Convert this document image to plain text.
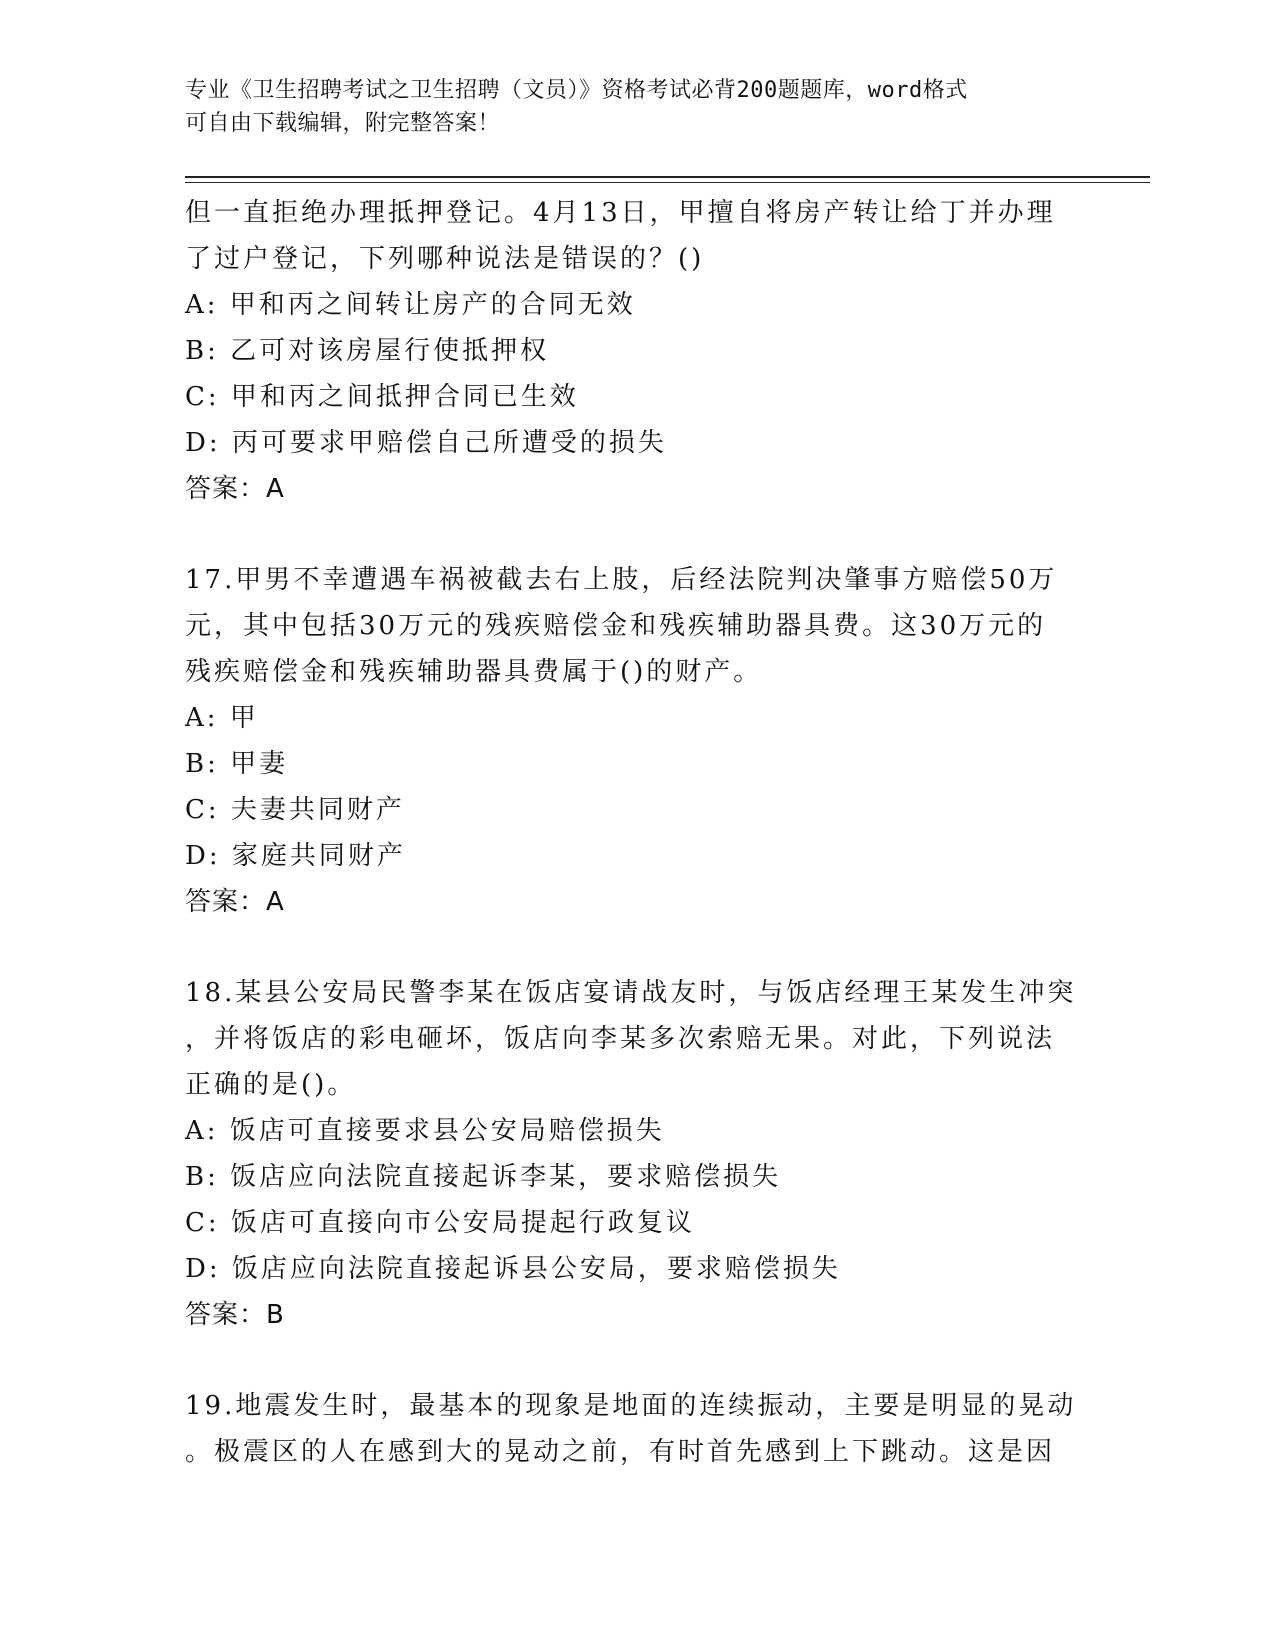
专业《卫生招聘考试之卫生招聘（文员）》资格考试必背200题题库，word格式
可自由下载编辑，附完整答案！
但一直拒绝办理抵押登记。4月13日，甲擅自将房产转让给丁并办理
了过户登记，下列哪种说法是错误的？()
A: 甲和丙之间转让房产的合同无效
B: 乙可对该房屋行使抵押权
C: 甲和丙之间抵押合同已生效
D: 丙可要求甲赔偿自己所遭受的损失
答案：A
17.甲男不幸遭遇车祸被截去右上肢，后经法院判决肇事方赔偿50万
元，其中包括30万元的残疾赔偿金和残疾辅助器具费。这30万元的
残疾赔偿金和残疾辅助器具费属于()的财产。
A: 甲
B: 甲妻
C: 夫妻共同财产
D: 家庭共同财产
答案：A
18.某县公安局民警李某在饭店宴请战友时，与饭店经理王某发生冲突
，并将饭店的彩电砸坏，饭店向李某多次索赔无果。对此，下列说法
正确的是()。
A: 饭店可直接要求县公安局赔偿损失
B: 饭店应向法院直接起诉李某，要求赔偿损失
C: 饭店可直接向市公安局提起行政复议
D: 饭店应向法院直接起诉县公安局，要求赔偿损失
答案：B
19.地震发生时，最基本的现象是地面的连续振动，主要是明显的晃动
。极震区的人在感到大的晃动之前，有时首先感到上下跳动。这是因
